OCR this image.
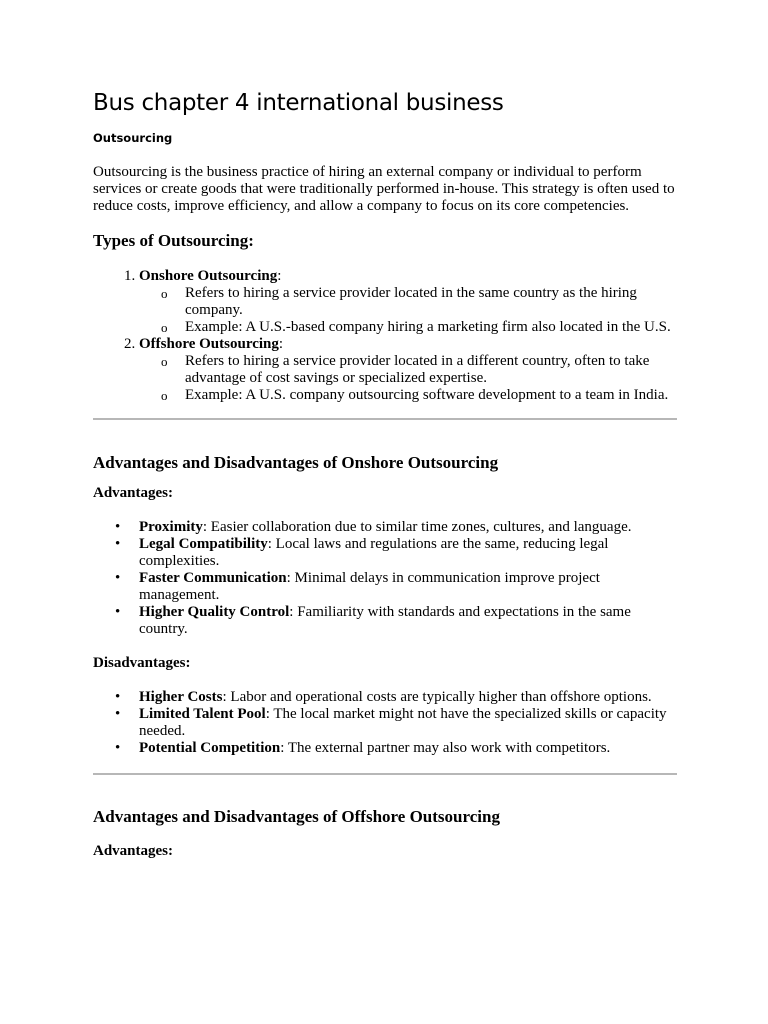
Bus chapter 4 international business
Outsourcing

Outsourcing is the business practice of hiring an external company or individual to perform services or create goods that were traditionally performed in-house. This strategy is often used to reduce costs, improve efficiency, and allow a company to focus on its core competencies.

Types of Outsourcing:
1. Onshore Outsourcing:
o Refers to hiring a service provider located in the same country as the hiring company.
o Example: A U.S.-based company hiring a marketing firm also located in the U.S.
2. Offshore Outsourcing:
o Refers to hiring a service provider located in a different country, often to take advantage of cost savings or specialized expertise.
o Example: A U.S. company outsourcing software development to a team in India.
Advantages and Disadvantages of Onshore Outsourcing
Advantages:
• Proximity: Easier collaboration due to similar time zones, cultures, and language.
• Legal Compatibility: Local laws and regulations are the same, reducing legal complexities.
• Faster Communication: Minimal delays in communication improve project management.
• Higher Quality Control: Familiarity with standards and expectations in the same country.
Disadvantages:
• Higher Costs: Labor and operational costs are typically higher than offshore options.
• Limited Talent Pool: The local market might not have the specialized skills or capacity needed.
• Potential Competition: The external partner may also work with competitors.
Advantages and Disadvantages of Offshore Outsourcing
Advantages:
